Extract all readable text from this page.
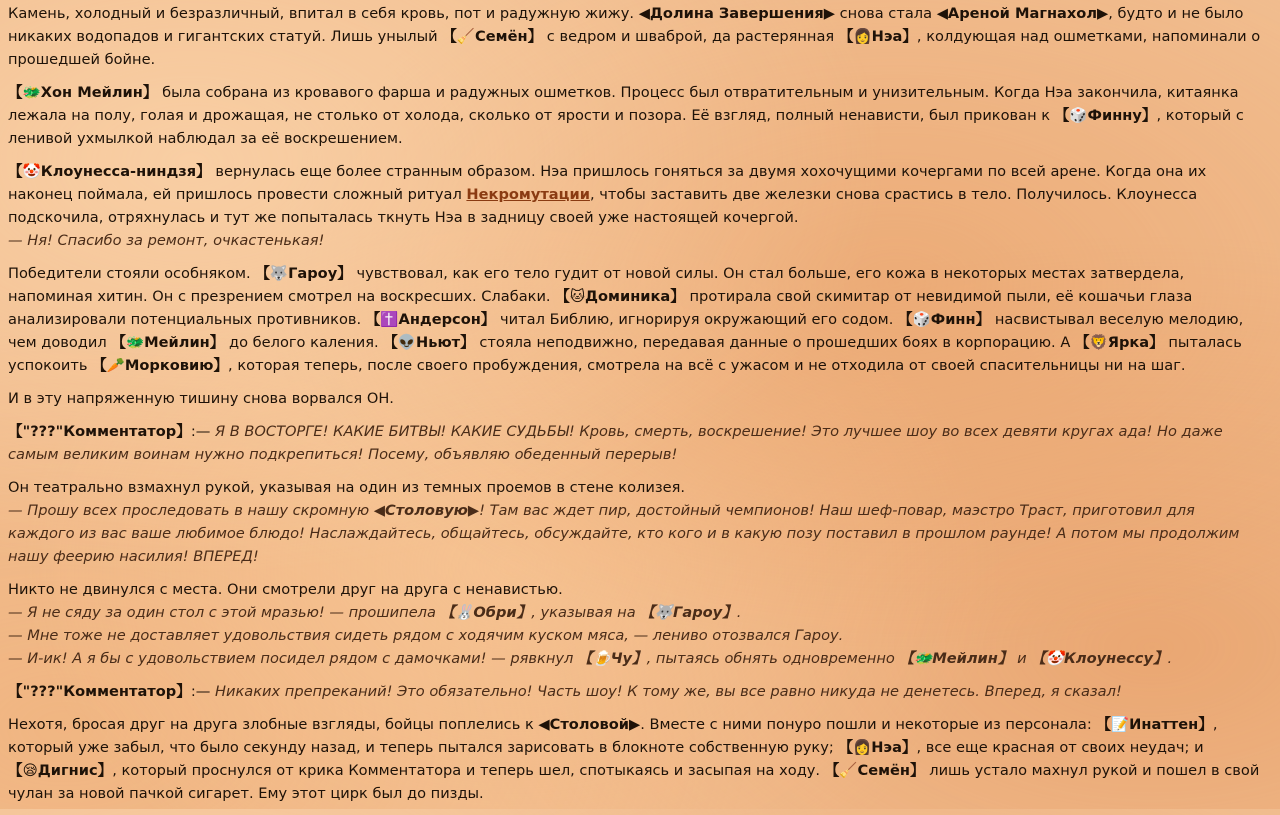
Камень, холодный и безразличный, впитал в себя кровь, пот и радужную жижу. ◀Долина Завершения▶ снова стала ◀Ареной Магнахол▶, будто и не было никаких водопадов и гигантских статуй. Лишь унылый 【🧹Семён】 с ведром и шваброй, да растерянная 【👩Нэа】, колдующая над ошметками, напоминали о прошедшей бойне.

【🐲Хон Мейлин】 была собрана из кровавого фарша и радужных ошметков. Процесс был отвратительным и унизительным. Когда Нэа закончила, китаянка лежала на полу, голая и дрожащая, не столько от холода, сколько от ярости и позора. Её взгляд, полный ненависти, был прикован к 【🎲Финну】, который с ленивой ухмылкой наблюдал за её воскрешением.

【🤡Клоунесса-ниндзя】 вернулась еще более странным образом. Нэа пришлось гоняться за двумя хохочущими кочергами по всей арене. Когда она их наконец поймала, ей пришлось провести сложный ритуал Некромутации, чтобы заставить две железки снова срастись в тело. Получилось. Клоунесса подскочила, отряхнулась и тут же попыталась ткнуть Нэа в задницу своей уже настоящей кочергой.
— Ня! Спасибо за ремонт, очкастенькая!

Победители стояли особняком. 【🐺Гароу】 чувствовал, как его тело гудит от новой силы. Он стал больше, его кожа в некоторых местах затвердела, напоминая хитин. Он с презрением смотрел на воскресших. Слабаки. 【🐱Доминика】 протирала свой скимитар от невидимой пыли, её кошачьи глаза анализировали потенциальных противников. 【✝️Андерсон】 читал Библию, игнорируя окружающий его содом. 【🎲Финн】 насвистывал веселую мелодию, чем доводил 【🐲Мейлин】 до белого каления. 【👽Ньют】 стояла неподвижно, передавая данные о прошедших боях в корпорацию. А 【🦁Ярка】 пыталась успокоить 【🥕Морковию】, которая теперь, после своего пробуждения, смотрела на всё с ужасом и не отходила от своей спасительницы ни на шаг.

И в эту напряженную тишину снова ворвался ОН.

【"???"Комментатор】:— Я В ВОСТОРГЕ! КАКИЕ БИТВЫ! КАКИЕ СУДЬБЫ! Кровь, смерть, воскрешение! Это лучшее шоу во всех девяти кругах ада! Но даже самым великим воинам нужно подкрепиться! Посему, объявляю обеденный перерыв!

Он театрально взмахнул рукой, указывая на один из темных проемов в стене колизея.
— Прошу всех проследовать в нашу скромную ◀Столовую▶! Там вас ждет пир, достойный чемпионов! Наш шеф-повар, маэстро Траст, приготовил для каждого из вас ваше любимое блюдо! Наслаждайтесь, общайтесь, обсуждайте, кто кого и в какую позу поставил в прошлом раунде! А потом мы продолжим нашу феерию насилия! ВПЕРЕД!

Никто не двинулся с места. Они смотрели друг на друга с ненавистью.
— Я не сяду за один стол с этой мразью! — прошипела 【🐰Обри】, указывая на 【🐺Гароу】.
— Мне тоже не доставляет удовольствия сидеть рядом с ходячим куском мяса, — лениво отозвался Гароу.
— И-ик! А я бы с удовольствием посидел рядом с дамочками! — рявкнул 【🍺Чу】, пытаясь обнять одновременно 【🐲Мейлин】 и 【🤡Клоунессу】.

【"???"Комментатор】:— Никаких препрекaний! Это обязательно! Часть шоу! К тому же, вы все равно никуда не денетесь. Вперед, я сказал!

Нехотя, бросая друг на друга злобные взгляды, бойцы поплелись к ◀Столовой▶. Вместе с ними понуро пошли и некоторые из персонала: 【📝Инаттен】, который уже забыл, что было секунду назад, и теперь пытался зарисовать в блокноте собственную руку; 【👩Нэа】, все еще красная от своих неудач; и 【😪Дигнис】, который проснулся от крика Комментатора и теперь шел, спотыкаясь и засыпая на ходу. 【🧹Семён】 лишь устало махнул рукой и пошел в свой чулан за новой пачкой сигарет. Ему этот цирк был до пизды.
